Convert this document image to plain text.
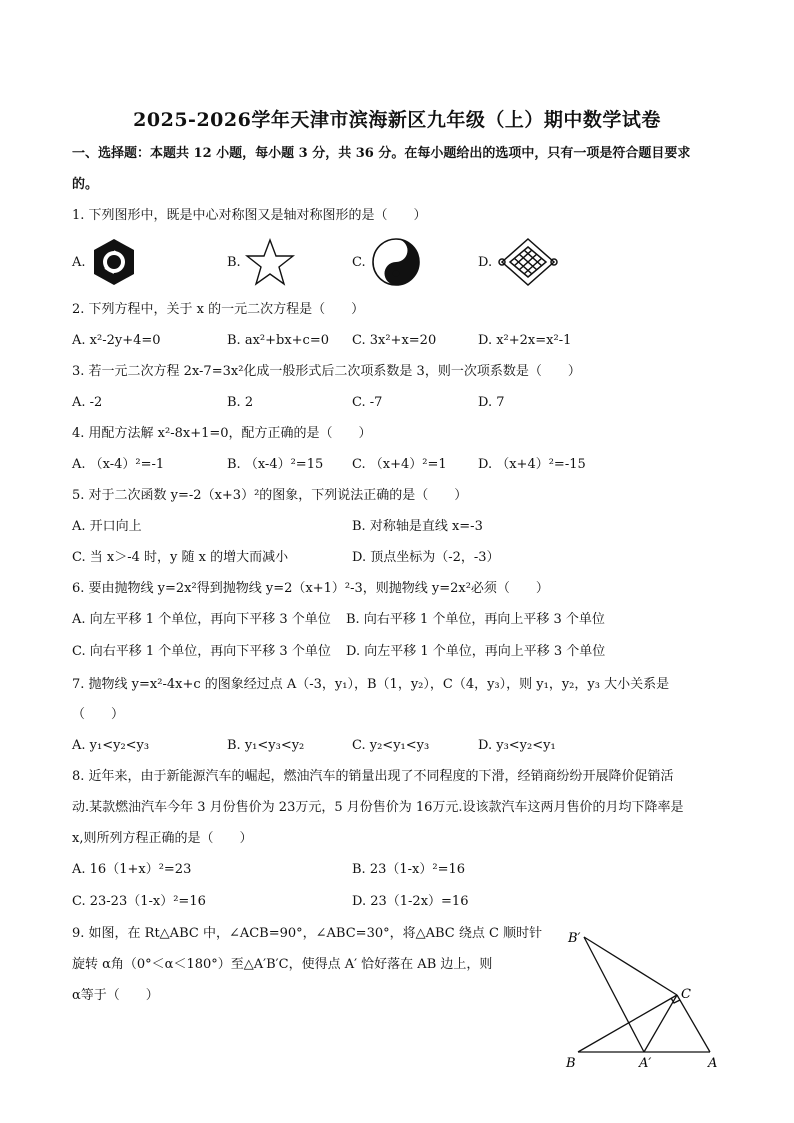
2025-2026学年天津市滨海新区九年级（上）期中数学试卷
一、选择题：本题共 12 小题，每小题 3 分，共 36 分。在每小题给出的选项中，只有一项是符合题目要求
的。
1. 下列图形中，既是中心对称图又是轴对称图形的是（　　）
A.	B.	C.	D.
2. 下列方程中，关于 x 的一元二次方程是（　　）
A. x²-2y+4=0	B. ax²+bx+c=0 C. 3x²+x=20	D. x²+2x=x²-1
3. 若一元二次方程 2x-7=3x²化成一般形式后二次项系数是 3，则一次项系数是（　　）
A. -2	B. 2	C. -7	D. 7
4. 用配方法解 x²-8x+1=0，配方正确的是（　　）
A. （x-4）²=-1	B. （x-4）²=15 C. （x+4）²=1 D. （x+4）²=-15
5. 对于二次函数 y=-2（x+3）²的图象，下列说法正确的是（　　）
A. 开口向上	B. 对称轴是直线 x=-3
C. 当 x＞-4 时，y 随 x 的增大而减小	D. 顶点坐标为（-2，-3）
6. 要由抛物线 y=2x²得到抛物线 y=2（x+1）²-3，则抛物线 y=2x²必须（　　）
A. 向左平移 1 个单位，再向下平移 3 个单位 B. 向右平移 1 个单位，再向上平移 3 个单位
C. 向右平移 1 个单位，再向下平移 3 个单位 D. 向左平移 1 个单位，再向上平移 3 个单位
7. 抛物线 y=x²-4x+c 的图象经过点 A（-3，y₁），B（1，y₂），C（4，y₃），则 y₁，y₂，y₃ 大小关系是
（　　）
A. y₁<y₂<y₃	B. y₁<y₃<y₂	C. y₂<y₁<y₃	D. y₃<y₂<y₁
8. 近年来，由于新能源汽车的崛起，燃油汽车的销量出现了不同程度的下滑，经销商纷纷开展降价促销活
动.某款燃油汽车今年 3 月份售价为 23万元，5 月份售价为 16万元.设该款汽车这两月售价的月均下降率是
x,则所列方程正确的是（　　）
A. 16（1+x）²=23	B. 23（1-x）²=16
C. 23-23（1-x）²=16	D. 23（1-2x）=16
9. 如图，在 Rt△ABC 中，∠ACB=90°，∠ABC=30°，将△ABC 绕点 C 顺时针
旋转 α角（0°＜α＜180°）至△A′B′C，使得点 A′ 恰好落在 AB 边上，则
α等于（　　）
B′
C
B	A′	A
